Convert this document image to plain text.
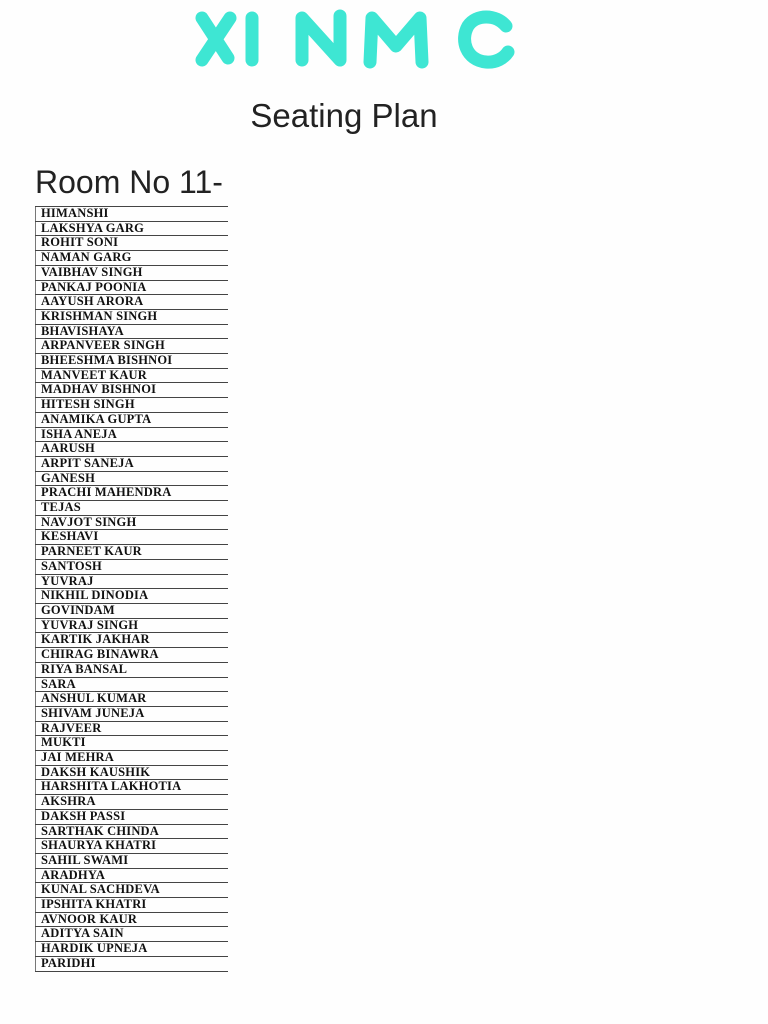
Seating Plan
Room No 11-
HIMANSHI
LAKSHYA GARG
ROHIT SONI
NAMAN GARG
VAIBHAV SINGH
PANKAJ POONIA
AAYUSH ARORA
KRISHMAN SINGH
BHAVISHAYA
ARPANVEER SINGH
BHEESHMA BISHNOI
MANVEET KAUR
MADHAV BISHNOI
HITESH SINGH
ANAMIKA GUPTA
ISHA ANEJA
AARUSH
ARPIT SANEJA
GANESH
PRACHI MAHENDRA
TEJAS
NAVJOT SINGH
KESHAVI
PARNEET KAUR
SANTOSH
YUVRAJ
NIKHIL DINODIA
GOVINDAM
YUVRAJ SINGH
KARTIK JAKHAR
CHIRAG BINAWRA
RIYA BANSAL
SARA
ANSHUL KUMAR
SHIVAM JUNEJA
RAJVEER
MUKTI
JAI MEHRA
DAKSH KAUSHIK
HARSHITA LAKHOTIA
AKSHRA
DAKSH PASSI
SARTHAK CHINDA
SHAURYA KHATRI
SAHIL SWAMI
ARADHYA
KUNAL SACHDEVA
IPSHITA KHATRI
AVNOOR KAUR
ADITYA SAIN
HARDIK UPNEJA
PARIDHI
